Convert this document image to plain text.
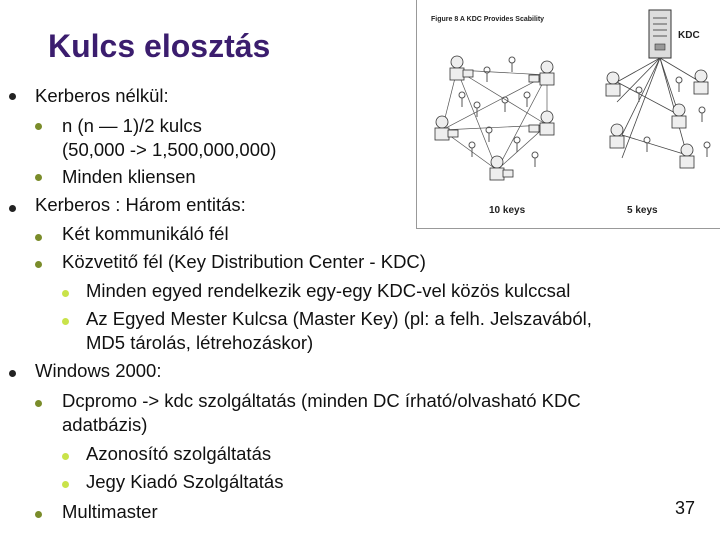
Kulcs elosztás
Figure 8 A KDC Provides Scability
KDC
10 keys	5 keys
Kerberos nélkül:
n (n — 1)/2 kulcs
(50,000 -> 1,500,000,000)
Minden kliensen
Kerberos : Három entitás:
Két kommunikáló fél
Közvetitő fél (Key Distribution Center - KDC)
Minden egyed rendelkezik egy-egy KDC-vel közös kulccsal
Az Egyed Mester Kulcsa (Master Key) (pl: a felh. Jelszavából,
MD5 tárolás, létrehozáskor)
Windows 2000:
Dcpromo -> kdc szolgáltatás (minden DC írható/olvasható KDC
adatbázis)
Azonosító szolgáltatás
Jegy Kiadó Szolgáltatás
Multimaster	37
